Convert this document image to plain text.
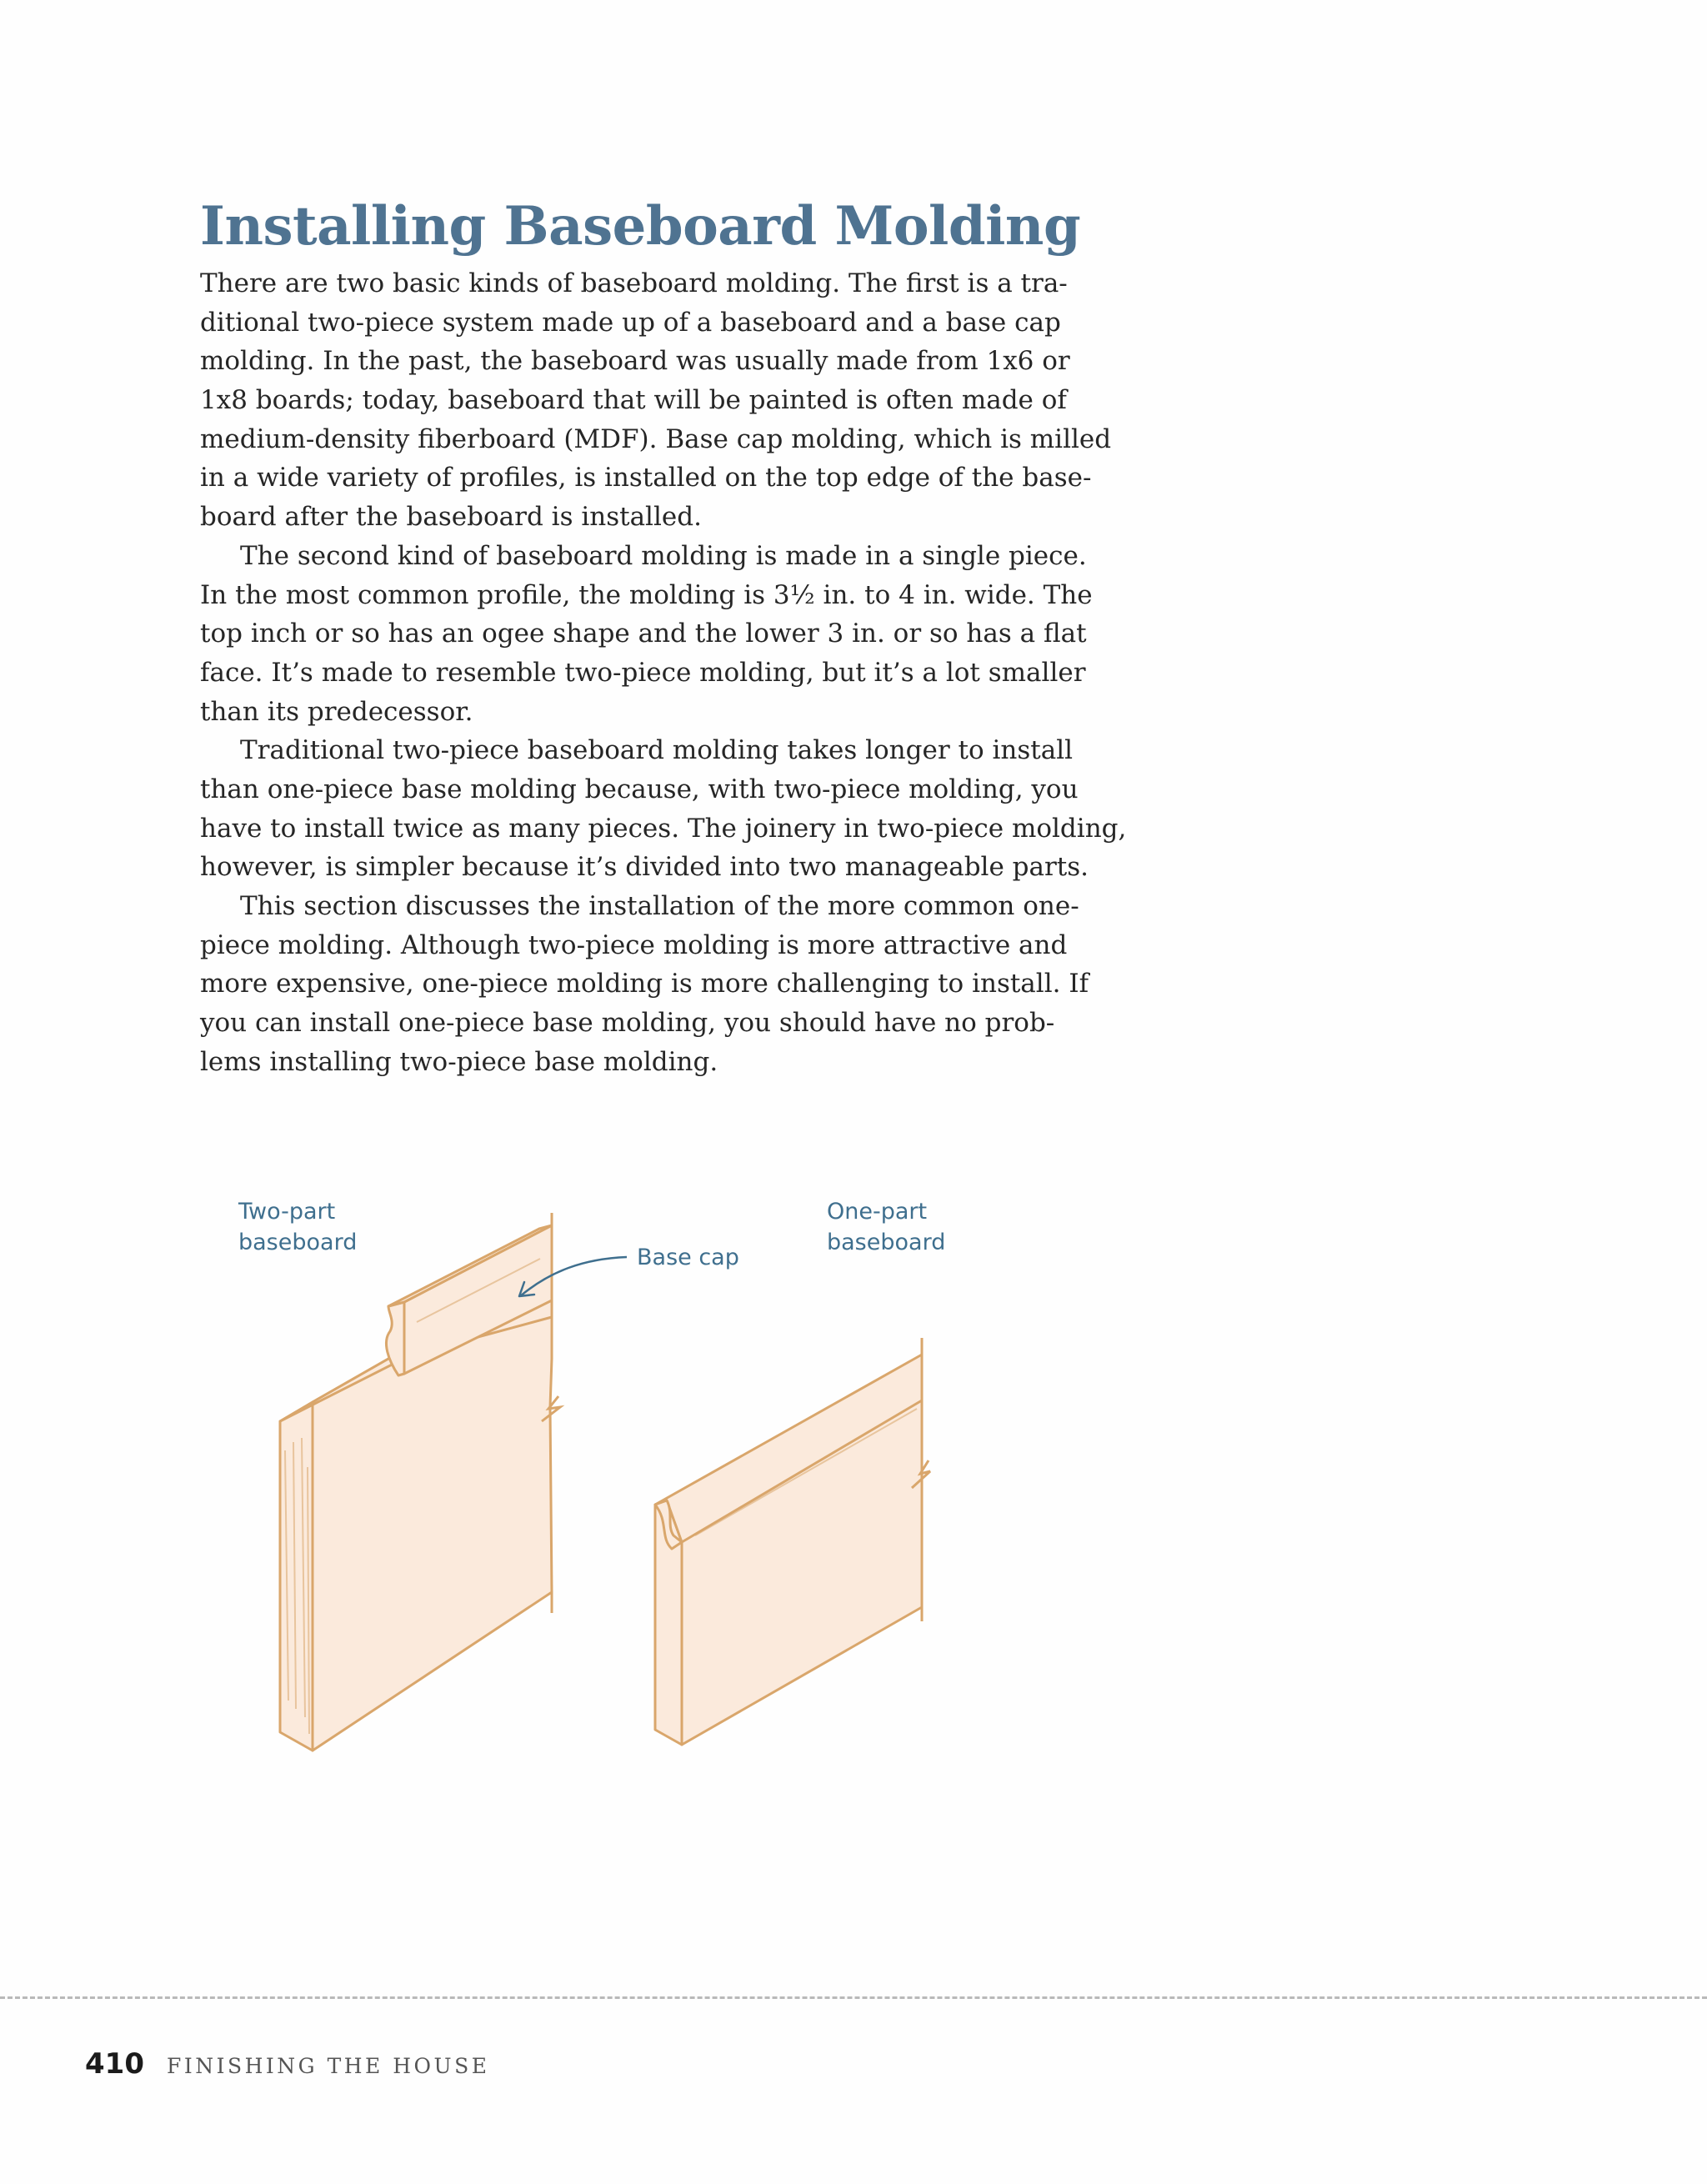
Installing Baseboard Molding
There are two basic kinds of baseboard molding. The first is a tra-
ditional two-piece system made up of a baseboard and a base cap
molding. In the past, the baseboard was usually made from 1x6 or
1x8 boards; today, baseboard that will be painted is often made of
medium-density fiberboard (MDF). Base cap molding, which is milled
in a wide variety of profiles, is installed on the top edge of the base-
board after the baseboard is installed.
The second kind of baseboard molding is made in a single piece.
In the most common profile, the molding is 3½ in. to 4 in. wide. The
top inch or so has an ogee shape and the lower 3 in. or so has a flat
face. It’s made to resemble two-piece molding, but it’s a lot smaller
than its predecessor.
Traditional two-piece baseboard molding takes longer to install
than one-piece base molding because, with two-piece molding, you
have to install twice as many pieces. The joinery in two-piece molding,
however, is simpler because it’s divided into two manageable parts.
This section discusses the installation of the more common one-
piece molding. Although two-piece molding is more attractive and
more expensive, one-piece molding is more challenging to install. If
you can install one-piece base molding, you should have no prob-
lems installing two-piece base molding.
Two-part
baseboard
Base cap
One-part
baseboard
410 FINISHING THE HOUSE
